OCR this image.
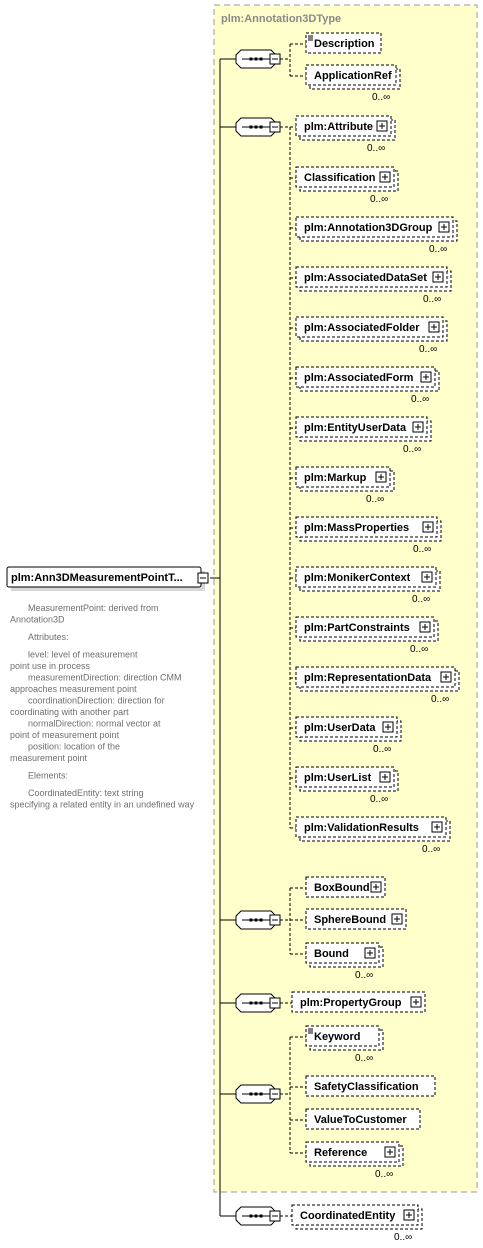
plm:Annotation3DType
plm:Ann3DMeasurementPointT...
MeasurementPoint: derived from
Annotation3D
Attributes:
level: level of measurement
point use in process
measurementDirection: direction CMM
approaches measurement point
coordinationDirection: direction for
coordinating with another part
normalDirection: normal vector at
point of measurement point
position: location of the
measurement point
Elements:
CoordinatedEntity: text string
specifying a related entity in an undefined way
Description
ApplicationRef
0..∞
plm:Attribute
0..∞
Classification
0..∞
plm:Annotation3DGroup
0..∞
plm:AssociatedDataSet
0..∞
plm:AssociatedFolder
0..∞
plm:AssociatedForm
0..∞
plm:EntityUserData
0..∞
plm:Markup
0..∞
plm:MassProperties
0..∞
plm:MonikerContext
0..∞
plm:PartConstraints
0..∞
plm:RepresentationData
0..∞
plm:UserData
0..∞
plm:UserList
0..∞
plm:ValidationResults
0..∞
BoxBound
SphereBound
Bound
0..∞
plm:PropertyGroup
Keyword
0..∞
SafetyClassification
ValueToCustomer
Reference
0..∞
CoordinatedEntity
0..∞
